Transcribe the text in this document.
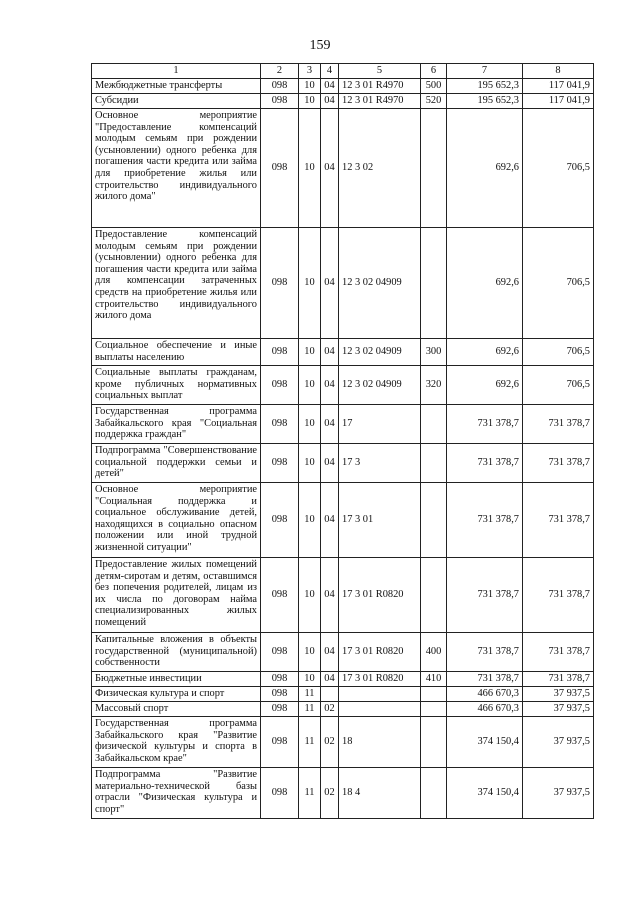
159
1	2	3	4	5	6	7	8
Межбюджетные трансферты	098	10	04	12 3 01 R4970	500	195 652,3	117 041,9
Субсидии	098	10	04	12 3 01 R4970	520	195 652,3	117 041,9
Основное мероприятие "Предоставление компенсаций молодым семьям при рождении (усыновлении) одного ребенка для погашения части кредита или займа для приобретение жилья или строительство индивидуального жилого дома"	098	10	04	12 3 02		692,6	706,5
Предоставление компенсаций молодым семьям при рождении (усыновлении) одного ребенка для погашения части кредита или займа для компенсации затраченных средств на приобретение жилья или строительство индивидуального жилого дома	098	10	04	12 3 02 04909		692,6	706,5
Социальное обеспечение и иные выплаты населению	098	10	04	12 3 02 04909	300	692,6	706,5
Социальные выплаты гражданам, кроме публичных нормативных социальных выплат	098	10	04	12 3 02 04909	320	692,6	706,5
Государственная программа Забайкальского края "Социальная поддержка граждан"	098	10	04	17		731 378,7	731 378,7
Подпрограмма "Совершенствование социальной поддержки семьи и детей"	098	10	04	17 3		731 378,7	731 378,7
Основное мероприятие "Социальная поддержка и социальное обслуживание детей, находящихся в социально опасном положении или иной трудной жизненной ситуации"	098	10	04	17 3 01		731 378,7	731 378,7
Предоставление жилых помещений детям-сиротам и детям, оставшимся без попечения родителей, лицам из их числа по договорам найма специализированных жилых помещений	098	10	04	17 3 01 R0820		731 378,7	731 378,7
Капитальные вложения в объекты государственной (муниципальной) собственности	098	10	04	17 3 01 R0820	400	731 378,7	731 378,7
Бюджетные инвестиции	098	10	04	17 3 01 R0820	410	731 378,7	731 378,7
Физическая культура и спорт	098	11				466 670,3	37 937,5
Массовый спорт	098	11	02			466 670,3	37 937,5
Государственная программа Забайкальского края "Развитие физической культуры и спорта в Забайкальском крае"	098	11	02	18		374 150,4	37 937,5
Подпрограмма "Развитие материально-технической базы отрасли "Физическая культура и спорт"	098	11	02	18 4		374 150,4	37 937,5
